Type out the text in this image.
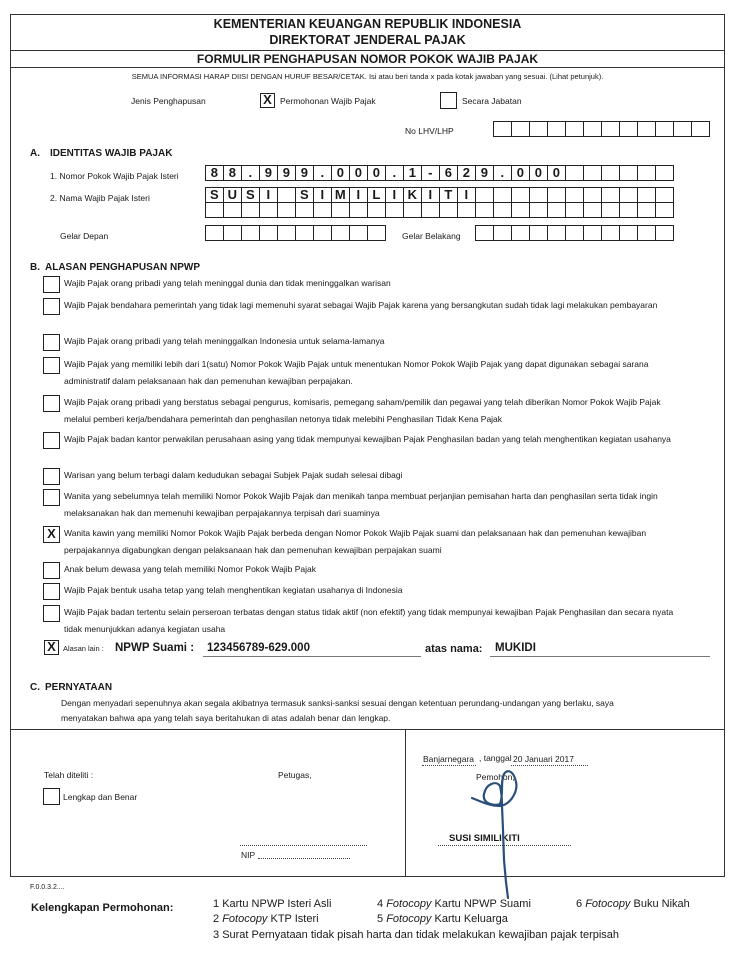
KEMENTERIAN KEUANGAN REPUBLIK INDONESIA
DIREKTORAT JENDERAL PAJAK
FORMULIR PENGHAPUSAN NOMOR POKOK WAJIB PAJAK
SEMUA INFORMASI HARAP DIISI DENGAN HURUF BESAR/CETAK. Isi atau beri tanda x pada kotak jawaban yang sesuai. (Lihat petunjuk).
Jenis Penghapusan	X Permohonan Wajib Pajak	Secara Jabatan
No LHV/LHP
A. IDENTITAS WAJIB PAJAK
1. Nomor Pokok Wajib Pajak Isteri	8 8 . 9 9 9 . 0 0 0 . 1 - 6 2 9 . 0 0 0
2. Nama Wajib Pajak Isteri	S U S I	S I M I L I K I T I
Gelar Depan	Gelar Belakang
B. ALASAN PENGHAPUSAN NPWP
Wajib Pajak orang pribadi yang telah meninggal dunia dan tidak meninggalkan warisan
Wajib Pajak bendahara pemerintah yang tidak lagi memenuhi syarat sebagai Wajib Pajak karena yang bersangkutan sudah tidak lagi melakukan pembayaran
Wajib Pajak orang pribadi yang telah meninggalkan Indonesia untuk selama-lamanya
Wajib Pajak yang memiliki lebih dari 1(satu) Nomor Pokok Wajib Pajak untuk menentukan Nomor Pokok Wajib Pajak yang dapat digunakan sebagai sarana administratif dalam pelaksanaan hak dan pemenuhan kewajiban perpajakan.
Wajib Pajak orang pribadi yang berstatus sebagai pengurus, komisaris, pemegang saham/pemilik dan pegawai yang telah diberikan Nomor Pokok Wajib Pajak melalui pemberi kerja/bendahara pemerintah dan penghasilan netonya tidak melebihi Penghasilan Tidak Kena Pajak
Wajib Pajak badan kantor perwakilan perusahaan asing yang tidak mempunyai kewajiban Pajak Penghasilan badan yang telah menghentikan kegiatan usahanya
Warisan yang belum terbagi dalam kedudukan sebagai Subjek Pajak sudah selesai dibagi
Wanita yang sebelumnya telah memiliki Nomor Pokok Wajib Pajak dan menikah tanpa membuat perjanjian pemisahan harta dan penghasilan serta tidak ingin melaksanakan hak dan memenuhi kewajiban perpajakannya terpisah dari suaminya
X Wanita kawin yang memiliki Nomor Pokok Wajib Pajak berbeda dengan Nomor Pokok Wajib Pajak suami dan pelaksanaan hak dan pemenuhan kewajiban perpajakannya digabungkan dengan pelaksanaan hak dan pemenuhan kewajiban perpajakan suami
Anak belum dewasa yang telah memiliki Nomor Pokok Wajib Pajak
Wajib Pajak bentuk usaha tetap yang telah menghentikan kegiatan usahanya di Indonesia
Wajib Pajak badan tertentu selain perseroan terbatas dengan status tidak aktif (non efektif) yang tidak mempunyai kewajiban Pajak Penghasilan dan secara nyata tidak menunjukkan adanya kegiatan usaha
X Alasan lain : NPWP Suami : 123456789-629.000	atas nama: MUKIDI
C. PERNYATAAN
Dengan menyadari sepenuhnya akan segala akibatnya termasuk sanksi-sanksi sesuai dengan ketentuan perundang-undangan yang berlaku, saya menyatakan bahwa apa yang telah saya beritahukan di atas adalah benar dan lengkap.
Telah diteliti :
Lengkap dan Benar
Petugas,
NIP
Banjarnegara , tanggal 20 Januari 2017
Pemohon,
SUSI SIMILIKITI
F.0.0.3.2....
Kelengkapan Permohonan:	1 Kartu NPWP Isteri Asli
2 Fotocopy KTP Isteri
3 Surat Pernyataan tidak pisah harta dan tidak melakukan kewajiban pajak terpisah
4 Fotocopy Kartu NPWP Suami
5 Fotocopy Kartu Keluarga
6 Fotocopy Buku Nikah
